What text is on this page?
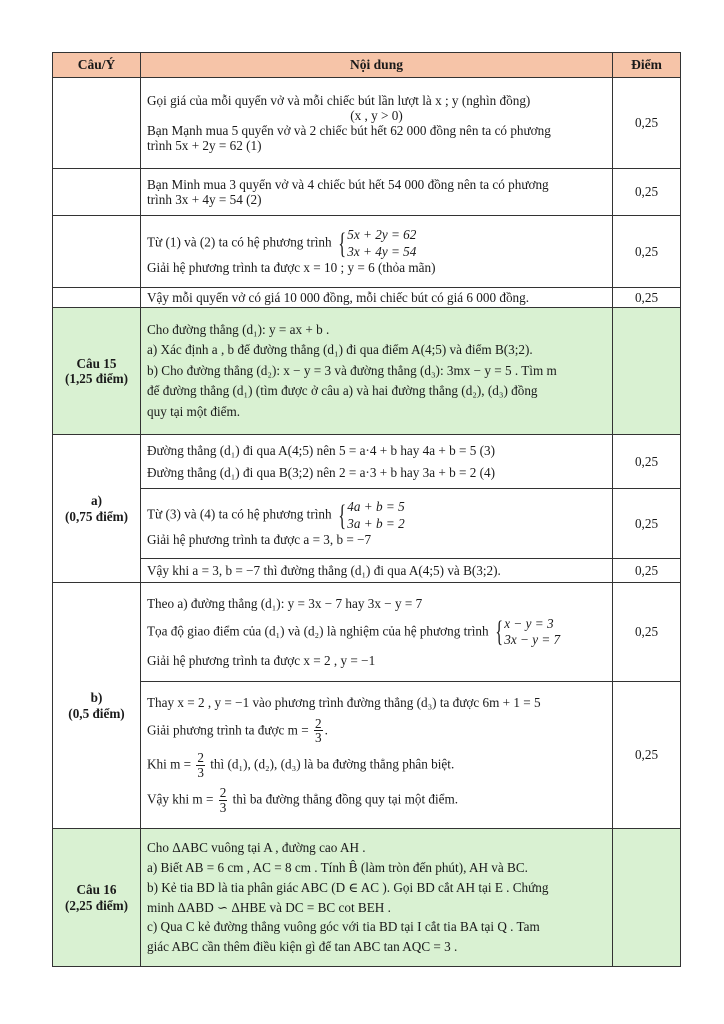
Câu/Ý	Nội dung	Điểm

	Gọi giá của mỗi quyển vở và mỗi chiếc bút lần lượt là x ; y (nghìn đồng)
(x , y > 0)
Bạn Mạnh mua 5 quyển vở và 2 chiếc bút hết 62 000 đồng nên ta có phương
trình 5x + 2y = 62 (1)	0,25

	Bạn Minh mua 3 quyển vở và 4 chiếc bút hết 54 000 đồng nên ta có phương
trình 3x + 4y = 54 (2)	0,25

	Từ (1) và (2) ta có hệ phương trình { 5x + 2y = 62
3x + 4y = 54
Giải hệ phương trình ta được x = 10 ; y = 6 (thỏa mãn)	0,25

	Vậy mỗi quyển vở có giá 10 000 đồng, mỗi chiếc bút có giá 6 000 đồng.	0,25

Câu 15
(1,25 điểm)	Cho đường thẳng (d₁): y = ax + b .
a) Xác định a , b để đường thẳng (d₁) đi qua điểm A(4;5) và điểm B(3;2).
b) Cho đường thẳng (d₂): x − y = 3 và đường thẳng (d₃): 3mx − y = 5 . Tìm m
để đường thẳng (d₁) (tìm được ở câu a) và hai đường thẳng (d₂), (d₃) đồng
quy tại một điểm.	

a)
(0,75 điểm)	Đường thẳng (d₁) đi qua A(4;5) nên 5 = a·4 + b hay 4a + b = 5 (3)
Đường thẳng (d₁) đi qua B(3;2) nên 2 = a·3 + b hay 3a + b = 2 (4)	0,25

	Từ (3) và (4) ta có hệ phương trình { 4a + b = 5
3a + b = 2
Giải hệ phương trình ta được a = 3, b = −7	0,25

	Vậy khi a = 3, b = −7 thì đường thẳng (d₁) đi qua A(4;5) và B(3;2).	0,25

b)
(0,5 điểm)

Theo a) đường thẳng (d₁): y = 3x − 7 hay 3x − y = 7
Tọa độ giao điểm của (d₁) và (d₂) là nghiệm của hệ phương trình { x − y = 3
3x − y = 7
Giải hệ phương trình ta được x = 2 , y = −1
	0,25

Thay x = 2 , y = −1 vào phương trình đường thẳng (d₃) ta được 6m + 1 = 5
Giải phương trình ta được $m = \frac{2}{3}$ .
Khi $m = \frac{2}{3}$ thì (d₁), (d₂), (d₃) là ba đường thẳng phân biệt.
Vậy khi $m = \frac{2}{3}$ thì ba đường thẳng đồng quy tại một điểm.
	0,25

Câu 16
(2,25 điểm)

Cho ΔABC vuông tại A , đường cao AH .
a) Biết AB = 6 cm , AC = 8 cm . Tính B̂ (làm tròn đến phút), AH và BC.
b) Kẻ tia BD là tia phân giác ABC (D ∈ AC ). Gọi BD cắt AH tại E . Chứng
minh ΔABD ∽ ΔHBE và DC = BC cot BEH .
c) Qua C kẻ đường thẳng vuông góc với tia BD tại I cắt tia BA tại Q . Tam
giác ABC cần thêm điều kiện gì để tan ABC tan AQC = 3 .
